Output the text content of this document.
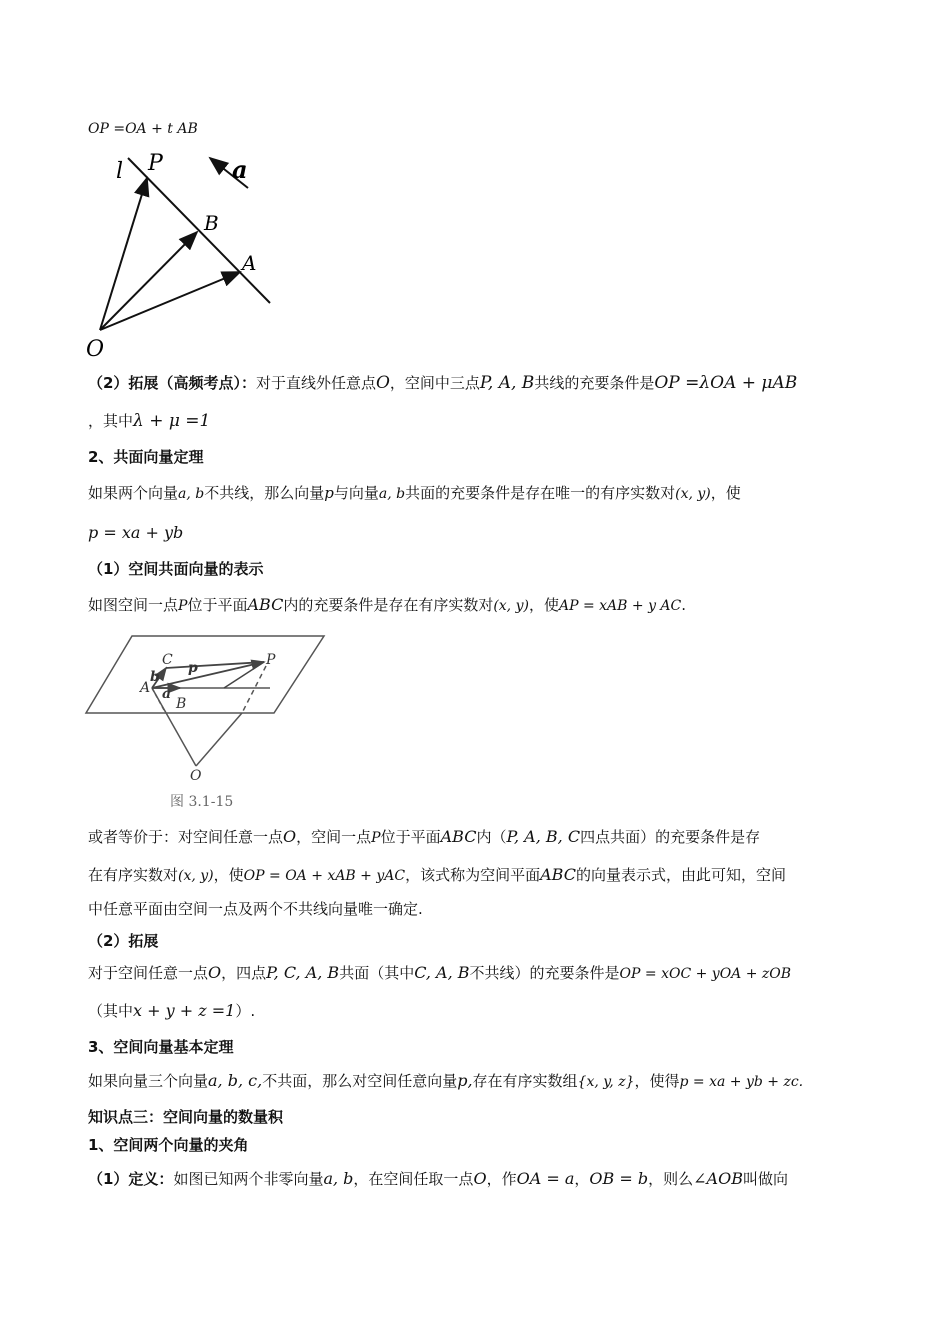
OP =OA + t AB
l P	a
B
A
O
（2）拓展（高频考点）：对于直线外任意点O，空间中三点P, A, B共线的充要条件是OP =λOA + μAB
，其中λ + μ =1
2、共面向量定理
如果两个向量a, b不共线，那么向量p与向量a, b共面的充要条件是存在唯一的有序实数对(x, y)，使
p = xa + yb
（1）空间共面向量的表示
如图空间一点P位于平面ABC内的充要条件是存在有序实数对(x, y)，使AP = xAB + y AC.
C
b
p	P
A a
B
O
图 3.1-15
或者等价于：对空间任意一点O，空间一点P位于平面ABC内（P, A, B, C四点共面）的充要条件是存
在有序实数对(x, y)，使OP = OA + xAB + yAC，该式称为空间平面ABC的向量表示式，由此可知，空间
中任意平面由空间一点及两个不共线向量唯一确定.
（2）拓展
对于空间任意一点O，四点P, C, A, B共面（其中C, A, B不共线）的充要条件是OP = xOC + yOA + zOB
（其中x + y + z =1）.
3、空间向量基本定理
如果向量三个向量a, b, c,不共面，那么对空间任意向量p,存在有序实数组{x, y, z}，使得p = xa + yb + zc.
知识点三：空间向量的数量积
1、空间两个向量的夹角
（1）定义：如图已知两个非零向量a, b，在空间任取一点O，作OA = a，OB = b，则么∠AOB叫做向
